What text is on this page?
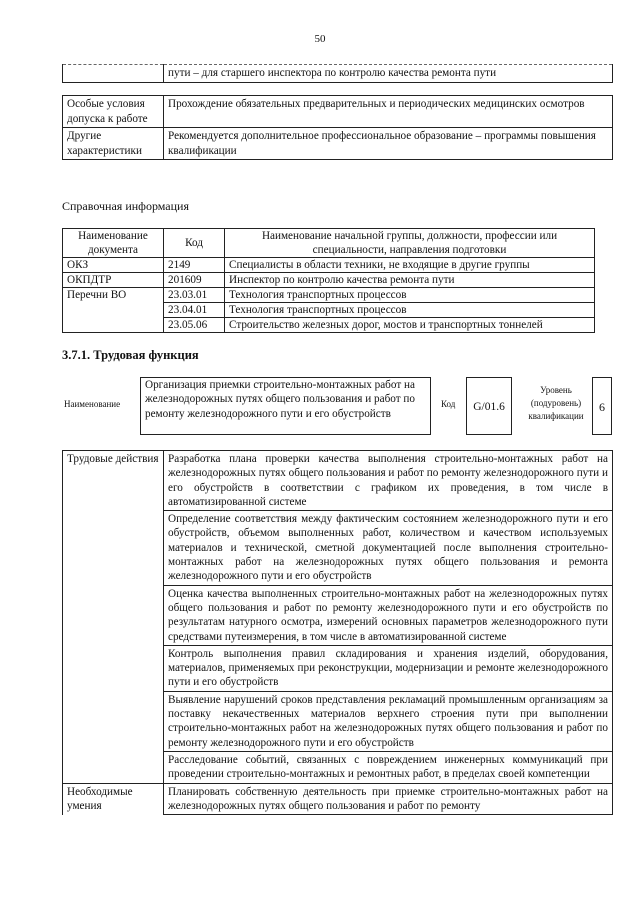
50
	пути – для старшего инспектора по контролю качества ремонта пути
Особые условия допуска к работе	Прохождение обязательных предварительных и периодических медицинских осмотров
Другие характеристики	Рекомендуется дополнительное профессиональное образование – программы повышения квалификации
Справочная информация
Наименование документа	Код	Наименование начальной группы, должности, профессии или специальности, направления подготовки
ОКЗ	2149	Специалисты в области техники, не входящие в другие группы
ОКПДТР	201609	Инспектор по контролю качества ремонта пути
Перечни ВО	23.03.01	Технология транспортных процессов
	23.04.01	Технология транспортных процессов
	23.05.06	Строительство железных дорог, мостов и транспортных тоннелей
3.7.1. Трудовая функция
Наименование
Организация приемки строительно-монтажных работ на железнодорожных путях общего пользования и работ по ремонту железнодорожного пути и его обустройств
Код	G/01.6
Уровень (подуровень) квалификации
6
Трудовые действия	Разработка плана проверки качества выполнения строительно-монтажных работ на железнодорожных путях общего пользования и работ по ремонту железнодорожного пути и его обустройств в соответствии с графиком их проведения, в том числе в автоматизированной системе
	Определение соответствия между фактическим состоянием железнодорожного пути и его обустройств, объемом выполненных работ, количеством и качеством используемых материалов и технической, сметной документацией после выполнения строительно-монтажных работ на железнодорожных путях общего пользования и ремонта железнодорожного пути и его обустройств
	Оценка качества выполненных строительно-монтажных работ на железнодорожных путях общего пользования и работ по ремонту железнодорожного пути и его обустройств по результатам натурного осмотра, измерений основных параметров железнодорожного пути средствами путеизмерения, в том числе в автоматизированной системе
	Контроль выполнения правил складирования и хранения изделий, оборудования, материалов, применяемых при реконструкции, модернизации и ремонте железнодорожного пути и его обустройств
	Выявление нарушений сроков представления рекламаций промышленным организациям за поставку некачественных материалов верхнего строения пути при выполнении строительно-монтажных работ на железнодорожных путях общего пользования и работ по ремонту железнодорожного пути и его обустройств
	Расследование событий, связанных с повреждением инженерных коммуникаций при проведении строительно-монтажных и ремонтных работ, в пределах своей компетенции
Необходимые умения	Планировать собственную деятельность при приемке строительно-монтажных работ на железнодорожных путях общего пользования и работ по ремонту
